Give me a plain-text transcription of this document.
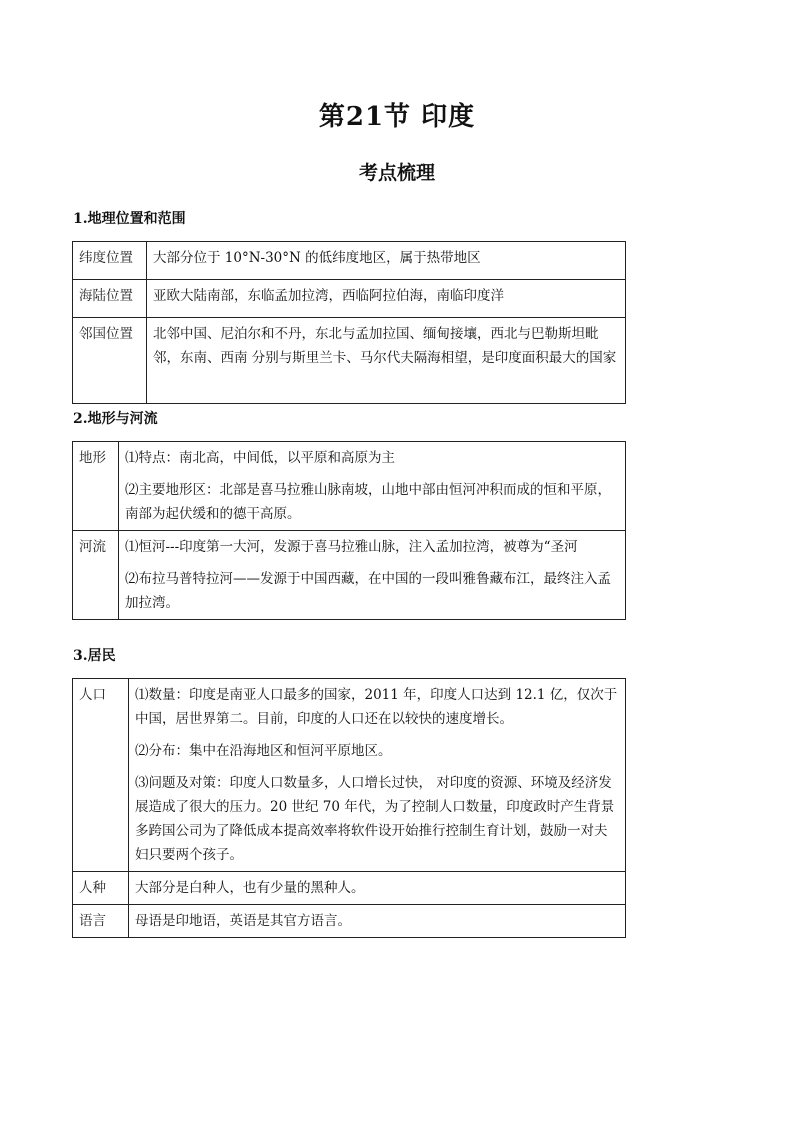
第21节 印度
考点梳理

1.地理位置和范围

纬度位置	大部分位于 10°N-30°N 的低纬度地区，属于热带地区

海陆位置	亚欧大陆南部，东临孟加拉湾，西临阿拉伯海，南临印度洋

邻国位置	北邻中国、尼泊尔和不丹，东北与孟加拉国、缅甸接壤，西北与巴勒斯坦毗邻，东南、西南 分别与斯里兰卡、马尔代夫隔海相望，是印度面积最大的国家

2.地形与河流

地形	⑴特点：南北高，中间低，以平原和高原为主

⑵主要地形区：北部是喜马拉雅山脉南坡，山地中部由恒河冲积而成的恒和平原，南部为起伏缓和的德干高原。

河流	⑴恒河---印度第一大河，发源于喜马拉雅山脉，注入孟加拉湾，被尊为“圣河

⑵布拉马普特拉河——发源于中国西藏，在中国的一段叫雅鲁藏布江，最终注入孟加拉湾。

3.居民

人口	⑴数量：印度是南亚人口最多的国家，2011 年，印度人口达到 12.1 亿，仅次于中国，居世界第二。目前，印度的人口还在以较快的速度增长。

⑵分布：集中在沿海地区和恒河平原地区。

⑶问题及对策：印度人口数量多，人口增长过快， 对印度的资源、环境及经济发展造成了很大的压力。20 世纪 70 年代，为了控制人口数量，印度政时产生背景多跨国公司为了降低成本提高效率将软件设开始推行控制生育计划，鼓励一对夫妇只要两个孩子。

人种	大部分是白种人，也有少量的黑种人。

语言	母语是印地语，英语是其官方语言。
